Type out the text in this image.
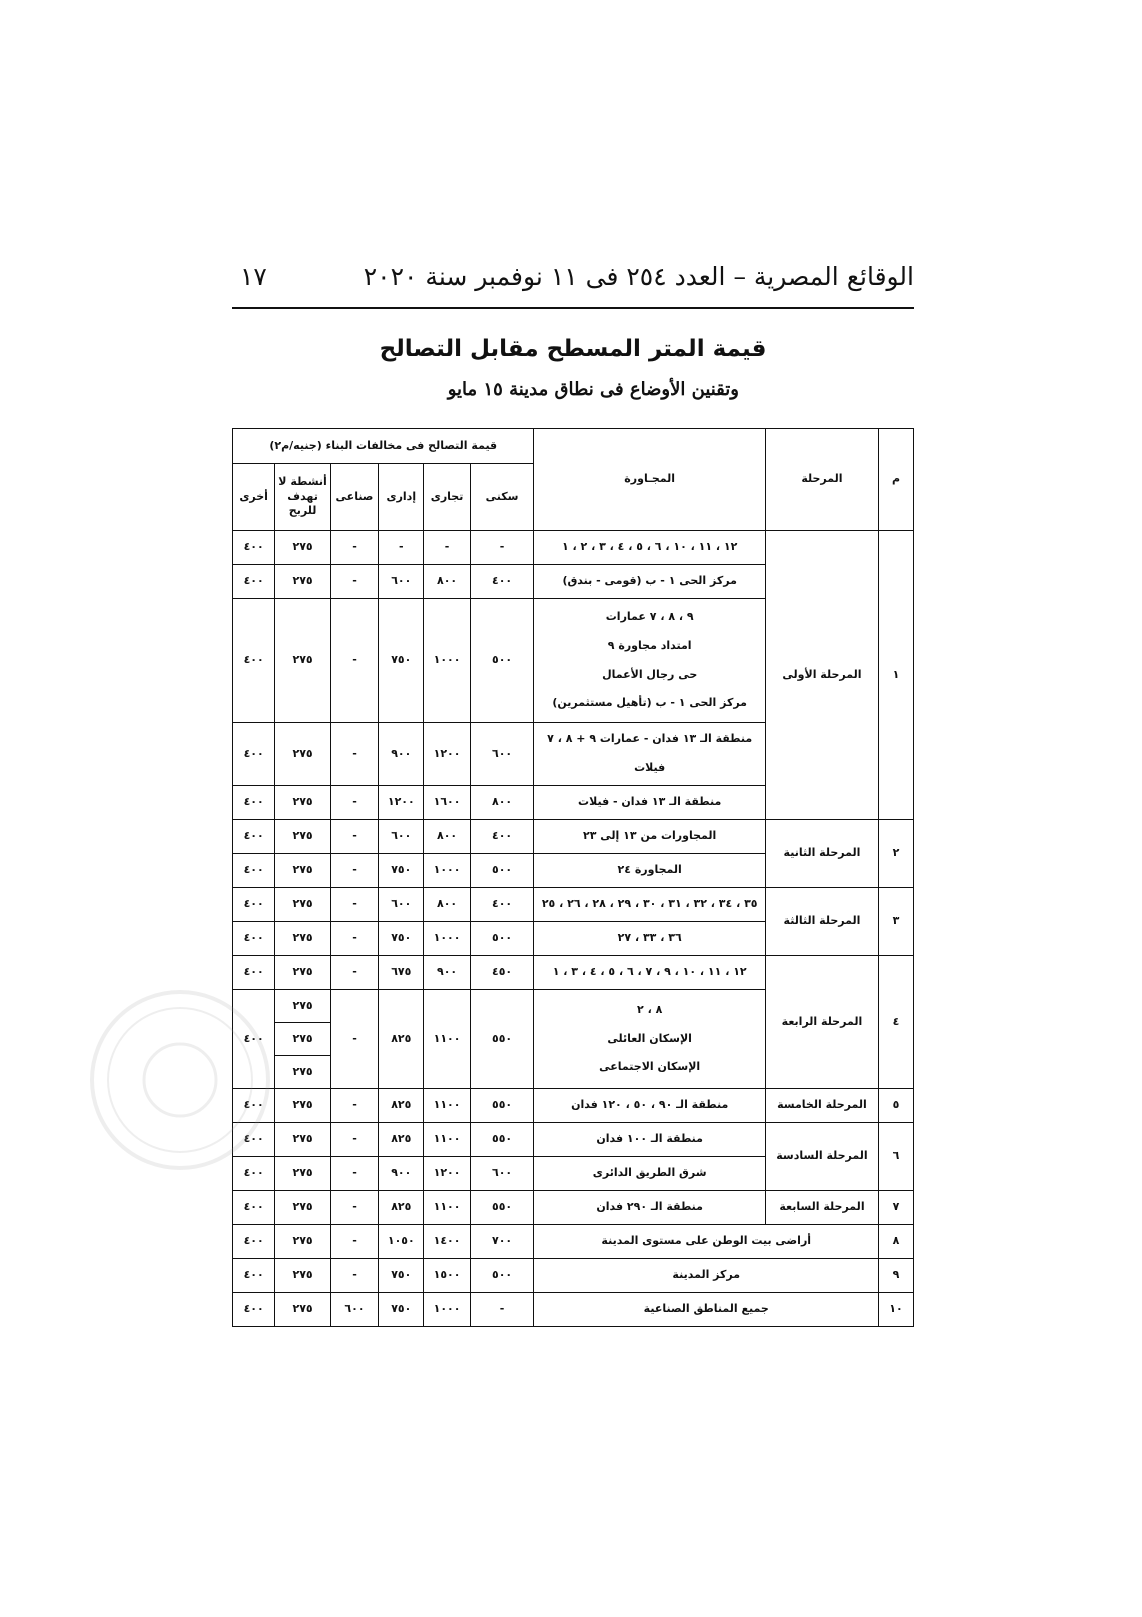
الوقائع المصرية – العدد ٢٥٤ فى ١١ نوفمبر سنة ٢٠٢٠
١٧
قيمة المتر المسطح مقابل التصالح
وتقنين الأوضاع فى نطاق مدينة ١٥ مايو
م	المرحلة	المجـاورة	قيمة التصالح فى مخالفات البناء (جنيه/م٢)					
			سكنى	تجارى	إدارى	صناعى	أنشطة لا تهدف للربح	أخرى
١	المرحلة الأولى	١٢ ، ١١ ، ١٠ ، ٦ ، ٥ ، ٤ ، ٣ ، ٢ ، ١	-	-	-	-	٢٧٥	٤٠٠

		مركز الحى ١ - ب (قومى - بندق)	٤٠٠	٨٠٠	٦٠٠	-	٢٧٥	٤٠٠

		٩ ، ٨ ، ٧ عمارات
امتداد مجاورة ٩
حى رجال الأعمال
مركز الحى ١ - ب (تأهيل مستثمرين)	٥٠٠	١٠٠٠	٧٥٠	-	٢٧٥	٤٠٠

		منطقة الـ ١٣ فدان - عمارات ٩ + ٨ ، ٧
فيلات	٦٠٠	١٢٠٠	٩٠٠	-	٢٧٥	٤٠٠

		منطقة الـ ١٣ فدان - فيلات	٨٠٠	١٦٠٠	١٢٠٠	-	٢٧٥	٤٠٠
٢	المرحلة الثانية	المجاورات من ١٣ إلى ٢٣	٤٠٠	٨٠٠	٦٠٠	-	٢٧٥	٤٠٠

		المجاورة ٢٤	٥٠٠	١٠٠٠	٧٥٠	-	٢٧٥	٤٠٠
٣	المرحلة الثالثة	٣٥ ، ٣٤ ، ٣٢ ، ٣١ ، ٣٠ ، ٢٩ ، ٢٨ ، ٢٦ ، ٢٥	٤٠٠	٨٠٠	٦٠٠	-	٢٧٥	٤٠٠

		٣٦ ، ٣٣ ، ٢٧	٥٠٠	١٠٠٠	٧٥٠	-	٢٧٥	٤٠٠
٤	المرحلة الرابعة	١٢ ، ١١ ، ١٠ ، ٩ ، ٧ ، ٦ ، ٥ ، ٤ ، ٣ ، ١	٤٥٠	٩٠٠	٦٧٥	-	٢٧٥	٤٠٠

		٨ ، ٢
الإسكان العائلى
الإسكان الاجتماعى	٥٥٠	١١٠٠	٨٢٥	-	٢٧٥	٤٠٠
							٢٧٥	
							٢٧٥	
٥	المرحلة الخامسة	منطقة الـ ٩٠ ، ٥٠ ، ١٢٠ فدان	٥٥٠	١١٠٠	٨٢٥	-	٢٧٥	٤٠٠
٦	المرحلة السادسة	منطقة الـ ١٠٠ فدان	٥٥٠	١١٠٠	٨٢٥	-	٢٧٥	٤٠٠

		شرق الطريق الدائرى	٦٠٠	١٢٠٠	٩٠٠	-	٢٧٥	٤٠٠
٧	المرحلة السابعة	منطقة الـ ٢٩٠ فدان	٥٥٠	١١٠٠	٨٢٥	-	٢٧٥	٤٠٠
٨	أراضى بيت الوطن على مستوى المدينة		٧٠٠	١٤٠٠	١٠٥٠	-	٢٧٥	٤٠٠
٩	مركز المدينة		٥٠٠	١٥٠٠	٧٥٠	-	٢٧٥	٤٠٠
١٠	جميع المناطق الصناعية		-	١٠٠٠	٧٥٠	٦٠٠	٢٧٥	٤٠٠
